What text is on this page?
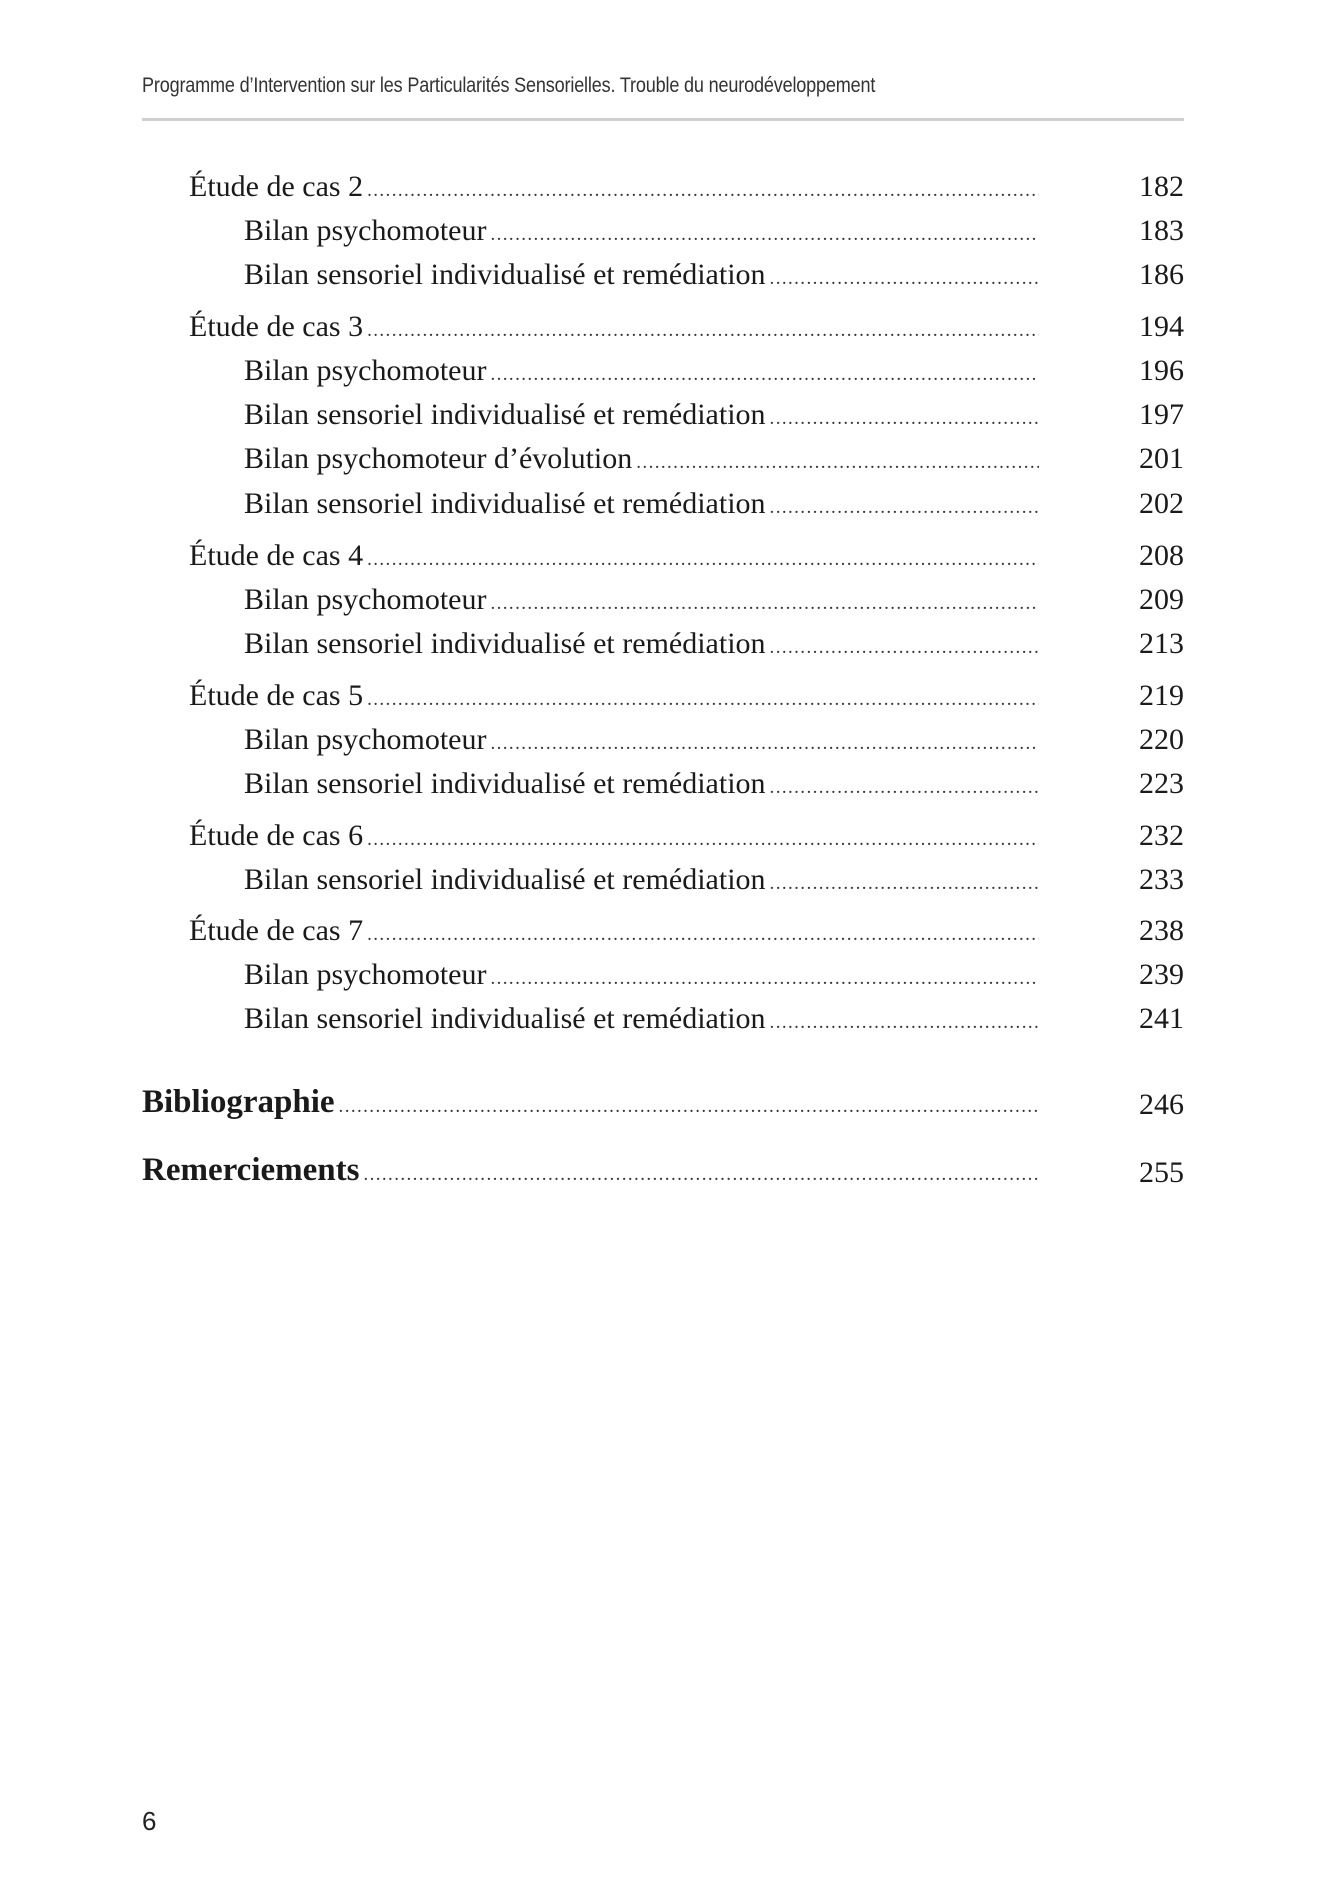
Programme d’Intervention sur les Particularités Sensorielles. Trouble du neurodéveloppement
Étude de cas 2 .....	182
Bilan psychomoteur .....	183
Bilan sensoriel individualisé et remédiation .....	186
Étude de cas 3 .....	194
Bilan psychomoteur .....	196
Bilan sensoriel individualisé et remédiation .....	197
Bilan psychomoteur d’évolution .....	201
Bilan sensoriel individualisé et remédiation .....	202
Étude de cas 4 .....	208
Bilan psychomoteur .....	209
Bilan sensoriel individualisé et remédiation .....	213
Étude de cas 5 .....	219
Bilan psychomoteur .....	220
Bilan sensoriel individualisé et remédiation .....	223
Étude de cas 6 .....	232
Bilan sensoriel individualisé et remédiation .....	233
Étude de cas 7 .....	238
Bilan psychomoteur .....	239
Bilan sensoriel individualisé et remédiation .....	241
Bibliographie .....	246
Remerciements .....	255
6
